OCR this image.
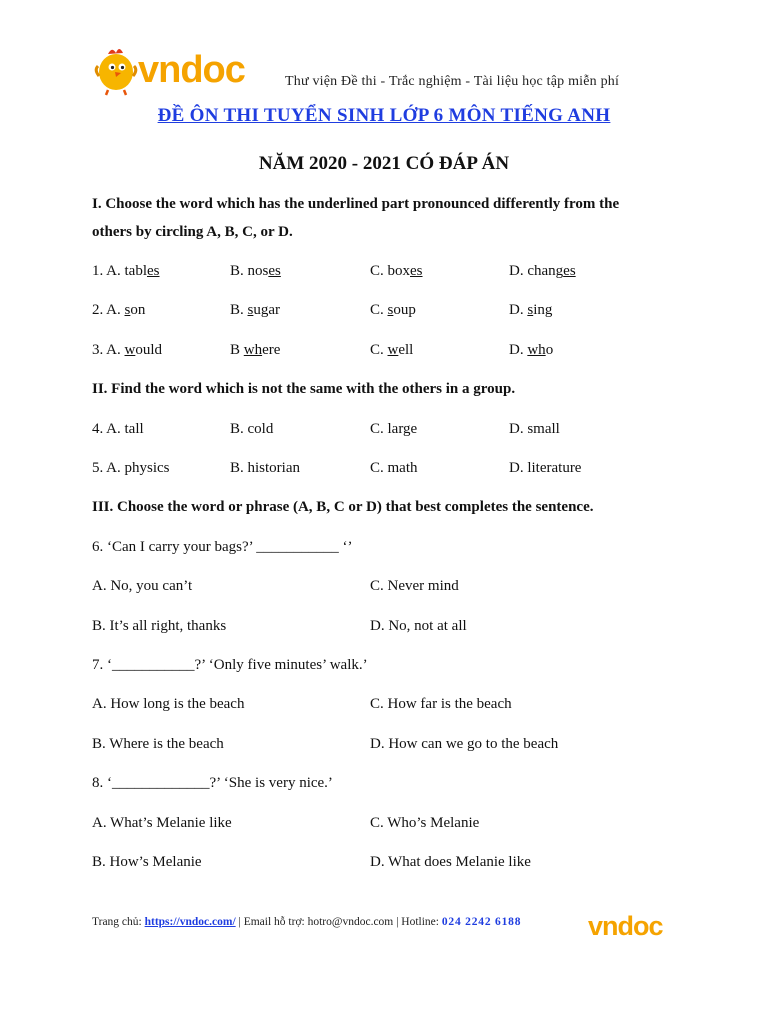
vndoc	Thư viện Đề thi - Trắc nghiệm - Tài liệu học tập miễn phí
ĐỀ ÔN THI TUYỂN SINH LỚP 6 MÔN TIẾNG ANH
NĂM 2020 - 2021 CÓ ĐÁP ÁN
I. Choose the word which has the underlined part pronounced differently from the
others by circling A, B, C, or D.
1. A. tables	B. noses	C. boxes	D. changes
2. A. son	B. sugar	C. soup	D. sing
3. A. would	B where	C. well	D. who
II. Find the word which is not the same with the others in a group.
4. A. tall	B. cold	C. large	D. small
5. A. physics	B. historian	C. math	D. literature
III. Choose the word or phrase (A, B, C or D) that best completes the sentence.
6. ‘Can I carry your bags?’ ___________ ‘’
A. No, you can’t	C. Never mind
B. It’s all right, thanks	D. No, not at all
7. ‘___________?’ ‘Only five minutes’ walk.’
A. How long is the beach	C. How far is the beach
B. Where is the beach	D. How can we go to the beach
8. ‘_____________?’ ‘She is very nice.’
A. What’s Melanie like	C. Who’s Melanie
B. How’s Melanie	D. What does Melanie like
Trang chủ: https://vndoc.com/ | Email hỗ trợ: hotro@vndoc.com | Hotline: 024 2242 6188 vndoc
